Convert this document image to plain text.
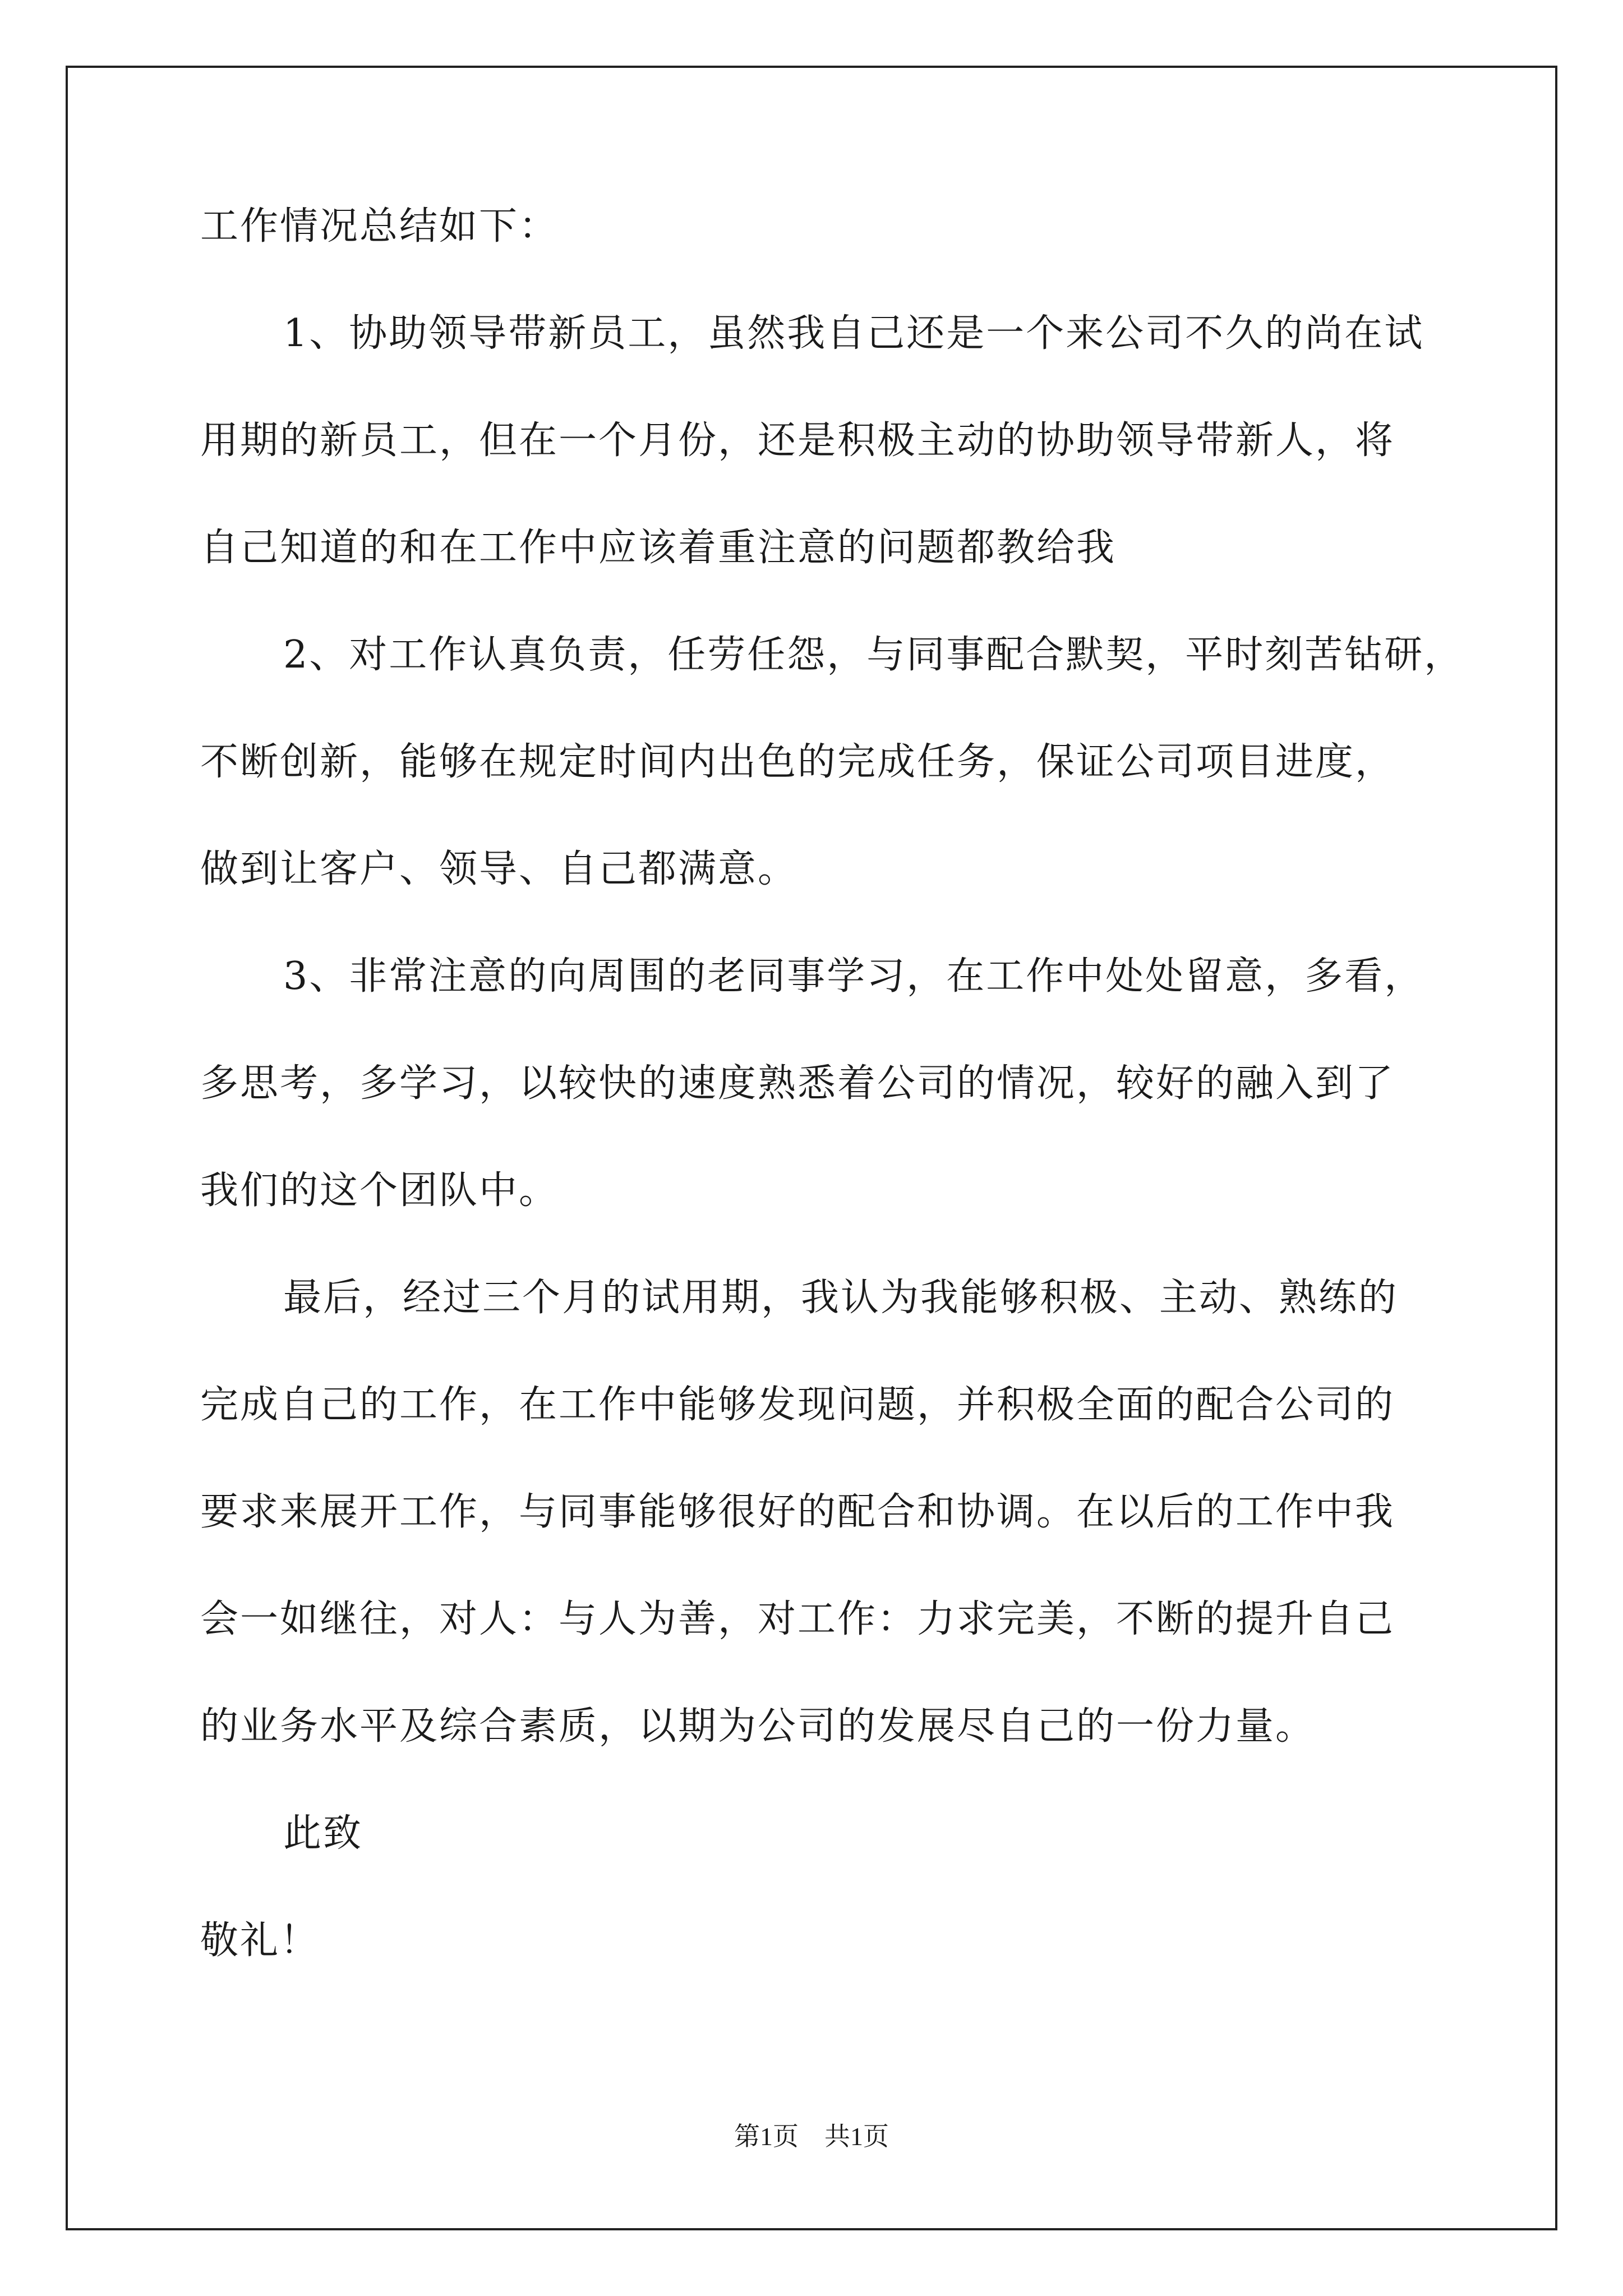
工作情况总结如下：

1、协助领导带新员工，虽然我自己还是一个来公司不久的尚在试

用期的新员工，但在一个月份，还是积极主动的协助领导带新人，将

自己知道的和在工作中应该着重注意的问题都教给我

2、对工作认真负责，任劳任怨，与同事配合默契，平时刻苦钻研，

不断创新，能够在规定时间内出色的完成任务，保证公司项目进度，

做到让客户、领导、自己都满意。

3、非常注意的向周围的老同事学习，在工作中处处留意，多看，

多思考，多学习，以较快的速度熟悉着公司的情况，较好的融入到了

我们的这个团队中。

最后，经过三个月的试用期，我认为我能够积极、主动、熟练的

完成自己的工作，在工作中能够发现问题，并积极全面的配合公司的

要求来展开工作，与同事能够很好的配合和协调。在以后的工作中我

会一如继往，对人：与人为善，对工作：力求完美，不断的提升自己

的业务水平及综合素质，以期为公司的发展尽自己的一份力量。

此致

敬礼！

第1页 共1页
